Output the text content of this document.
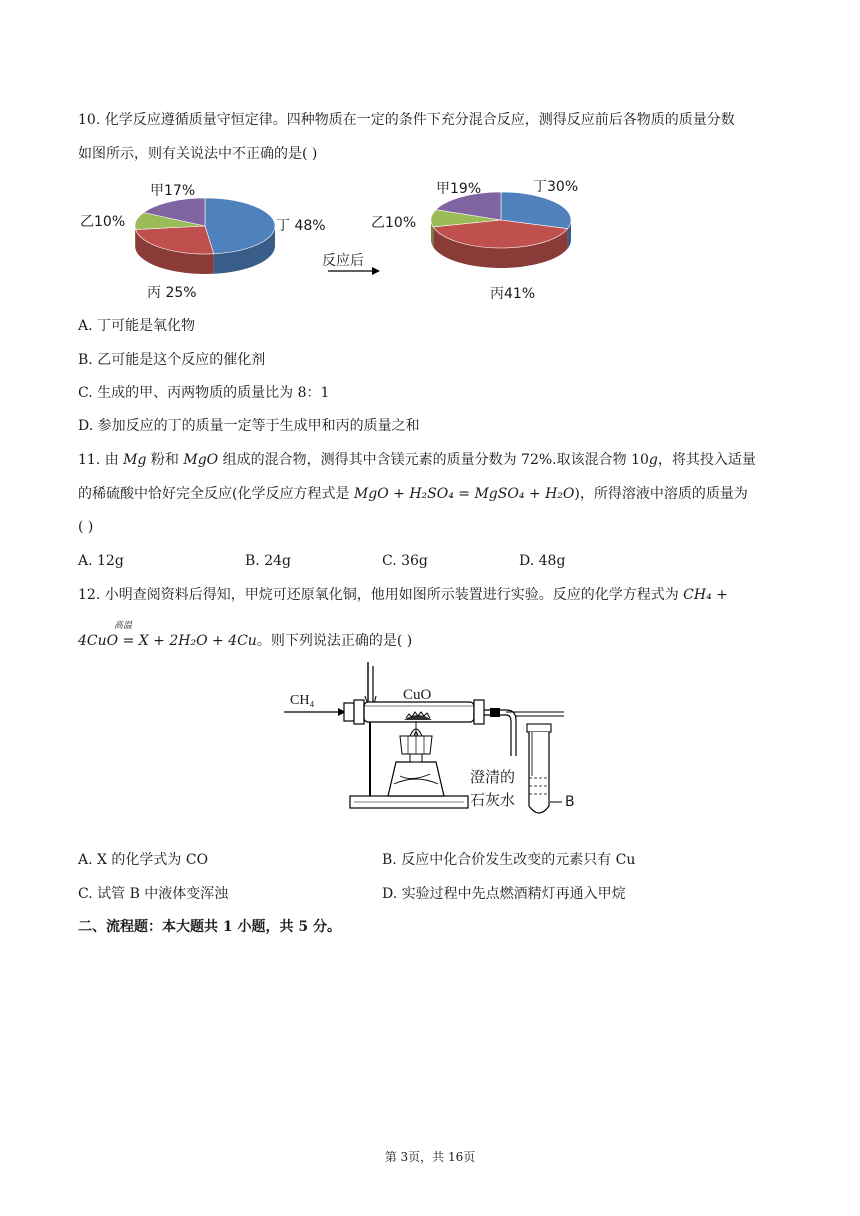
10. 化学反应遵循质量守恒定律。四种物质在一定的条件下充分混合反应，测得反应前后各物质的质量分数
如图所示，则有关说法中不正确的是( )
甲17%
丁 48%
丙 25%
乙10%
反应后
甲19%	丁30%
丙41%
乙10%
A. 丁可能是氧化物
B. 乙可能是这个反应的催化剂
C. 生成的甲、丙两物质的质量比为 8：1
D. 参加反应的丁的质量一定等于生成甲和丙的质量之和
11. 由 Mg 粉和 MgO 组成的混合物，测得其中含镁元素的质量分数为 72%.取该混合物 10g，将其投入适量
的稀硫酸中恰好完全反应(化学反应方程式是 MgO + H₂SO₄ = MgSO₄ + H₂O)，所得溶液中溶质的质量为
( )
A. 12g	B. 24g	C. 36g	D. 48g
12. 小明查阅资料后得知，甲烷可还原氧化铜，他用如图所示装置进行实验。反应的化学方程式为 CH₄ +
高温
4CuO = X + 2H₂O + 4Cu。则下列说法正确的是( )
CH₄	CuO
澄清的
石灰水	B
A. X 的化学式为 CO	B. 反应中化合价发生改变的元素只有 Cu
C. 试管 B 中液体变浑浊	D. 实验过程中先点燃酒精灯再通入甲烷
二、流程题：本大题共 1 小题，共 5 分。
第 3页，共 16页
